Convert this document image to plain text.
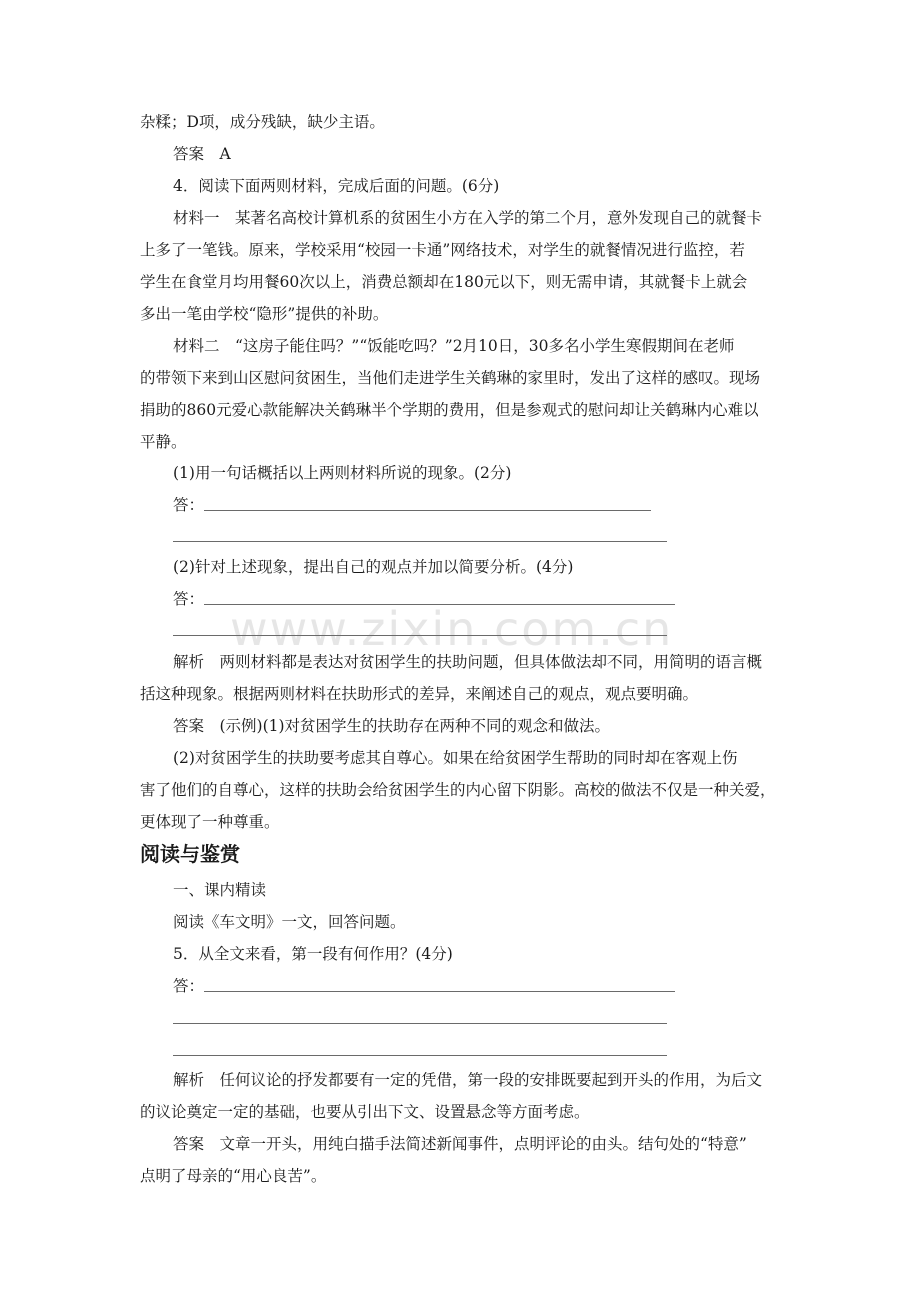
www.zixin.com.cn
杂糅；D项，成分残缺，缺少主语。
答案　A
4．阅读下面两则材料，完成后面的问题。(6分)
材料一　某著名高校计算机系的贫困生小方在入学的第二个月，意外发现自己的就餐卡
上多了一笔钱。原来，学校采用“校园一卡通”网络技术，对学生的就餐情况进行监控，若
学生在食堂月均用餐60次以上，消费总额却在180元以下，则无需申请，其就餐卡上就会
多出一笔由学校“隐形”提供的补助。
材料二　“这房子能住吗？”“饭能吃吗？”2月10日，30多名小学生寒假期间在老师
的带领下来到山区慰问贫困生，当他们走进学生关鹤琳的家里时，发出了这样的感叹。现场
捐助的860元爱心款能解决关鹤琳半个学期的费用，但是参观式的慰问却让关鹤琳内心难以
平静。
(1)用一句话概括以上两则材料所说的现象。(2分)
答：
(2)针对上述现象，提出自己的观点并加以简要分析。(4分)
答：
解析　两则材料都是表达对贫困学生的扶助问题，但具体做法却不同，用简明的语言概
括这种现象。根据两则材料在扶助形式的差异，来阐述自己的观点，观点要明确。
答案　(示例)(1)对贫困学生的扶助存在两种不同的观念和做法。
(2)对贫困学生的扶助要考虑其自尊心。如果在给贫困学生帮助的同时却在客观上伤
害了他们的自尊心，这样的扶助会给贫困学生的内心留下阴影。高校的做法不仅是一种关爱，
更体现了一种尊重。
阅读与鉴赏
一、课内精读
阅读《车文明》一文，回答问题。
5．从全文来看，第一段有何作用？(4分)
答：
解析　任何议论的抒发都要有一定的凭借，第一段的安排既要起到开头的作用，为后文
的议论奠定一定的基础，也要从引出下文、设置悬念等方面考虑。
答案　文章一开头，用纯白描手法简述新闻事件，点明评论的由头。结句处的“特意”
点明了母亲的“用心良苦”。
